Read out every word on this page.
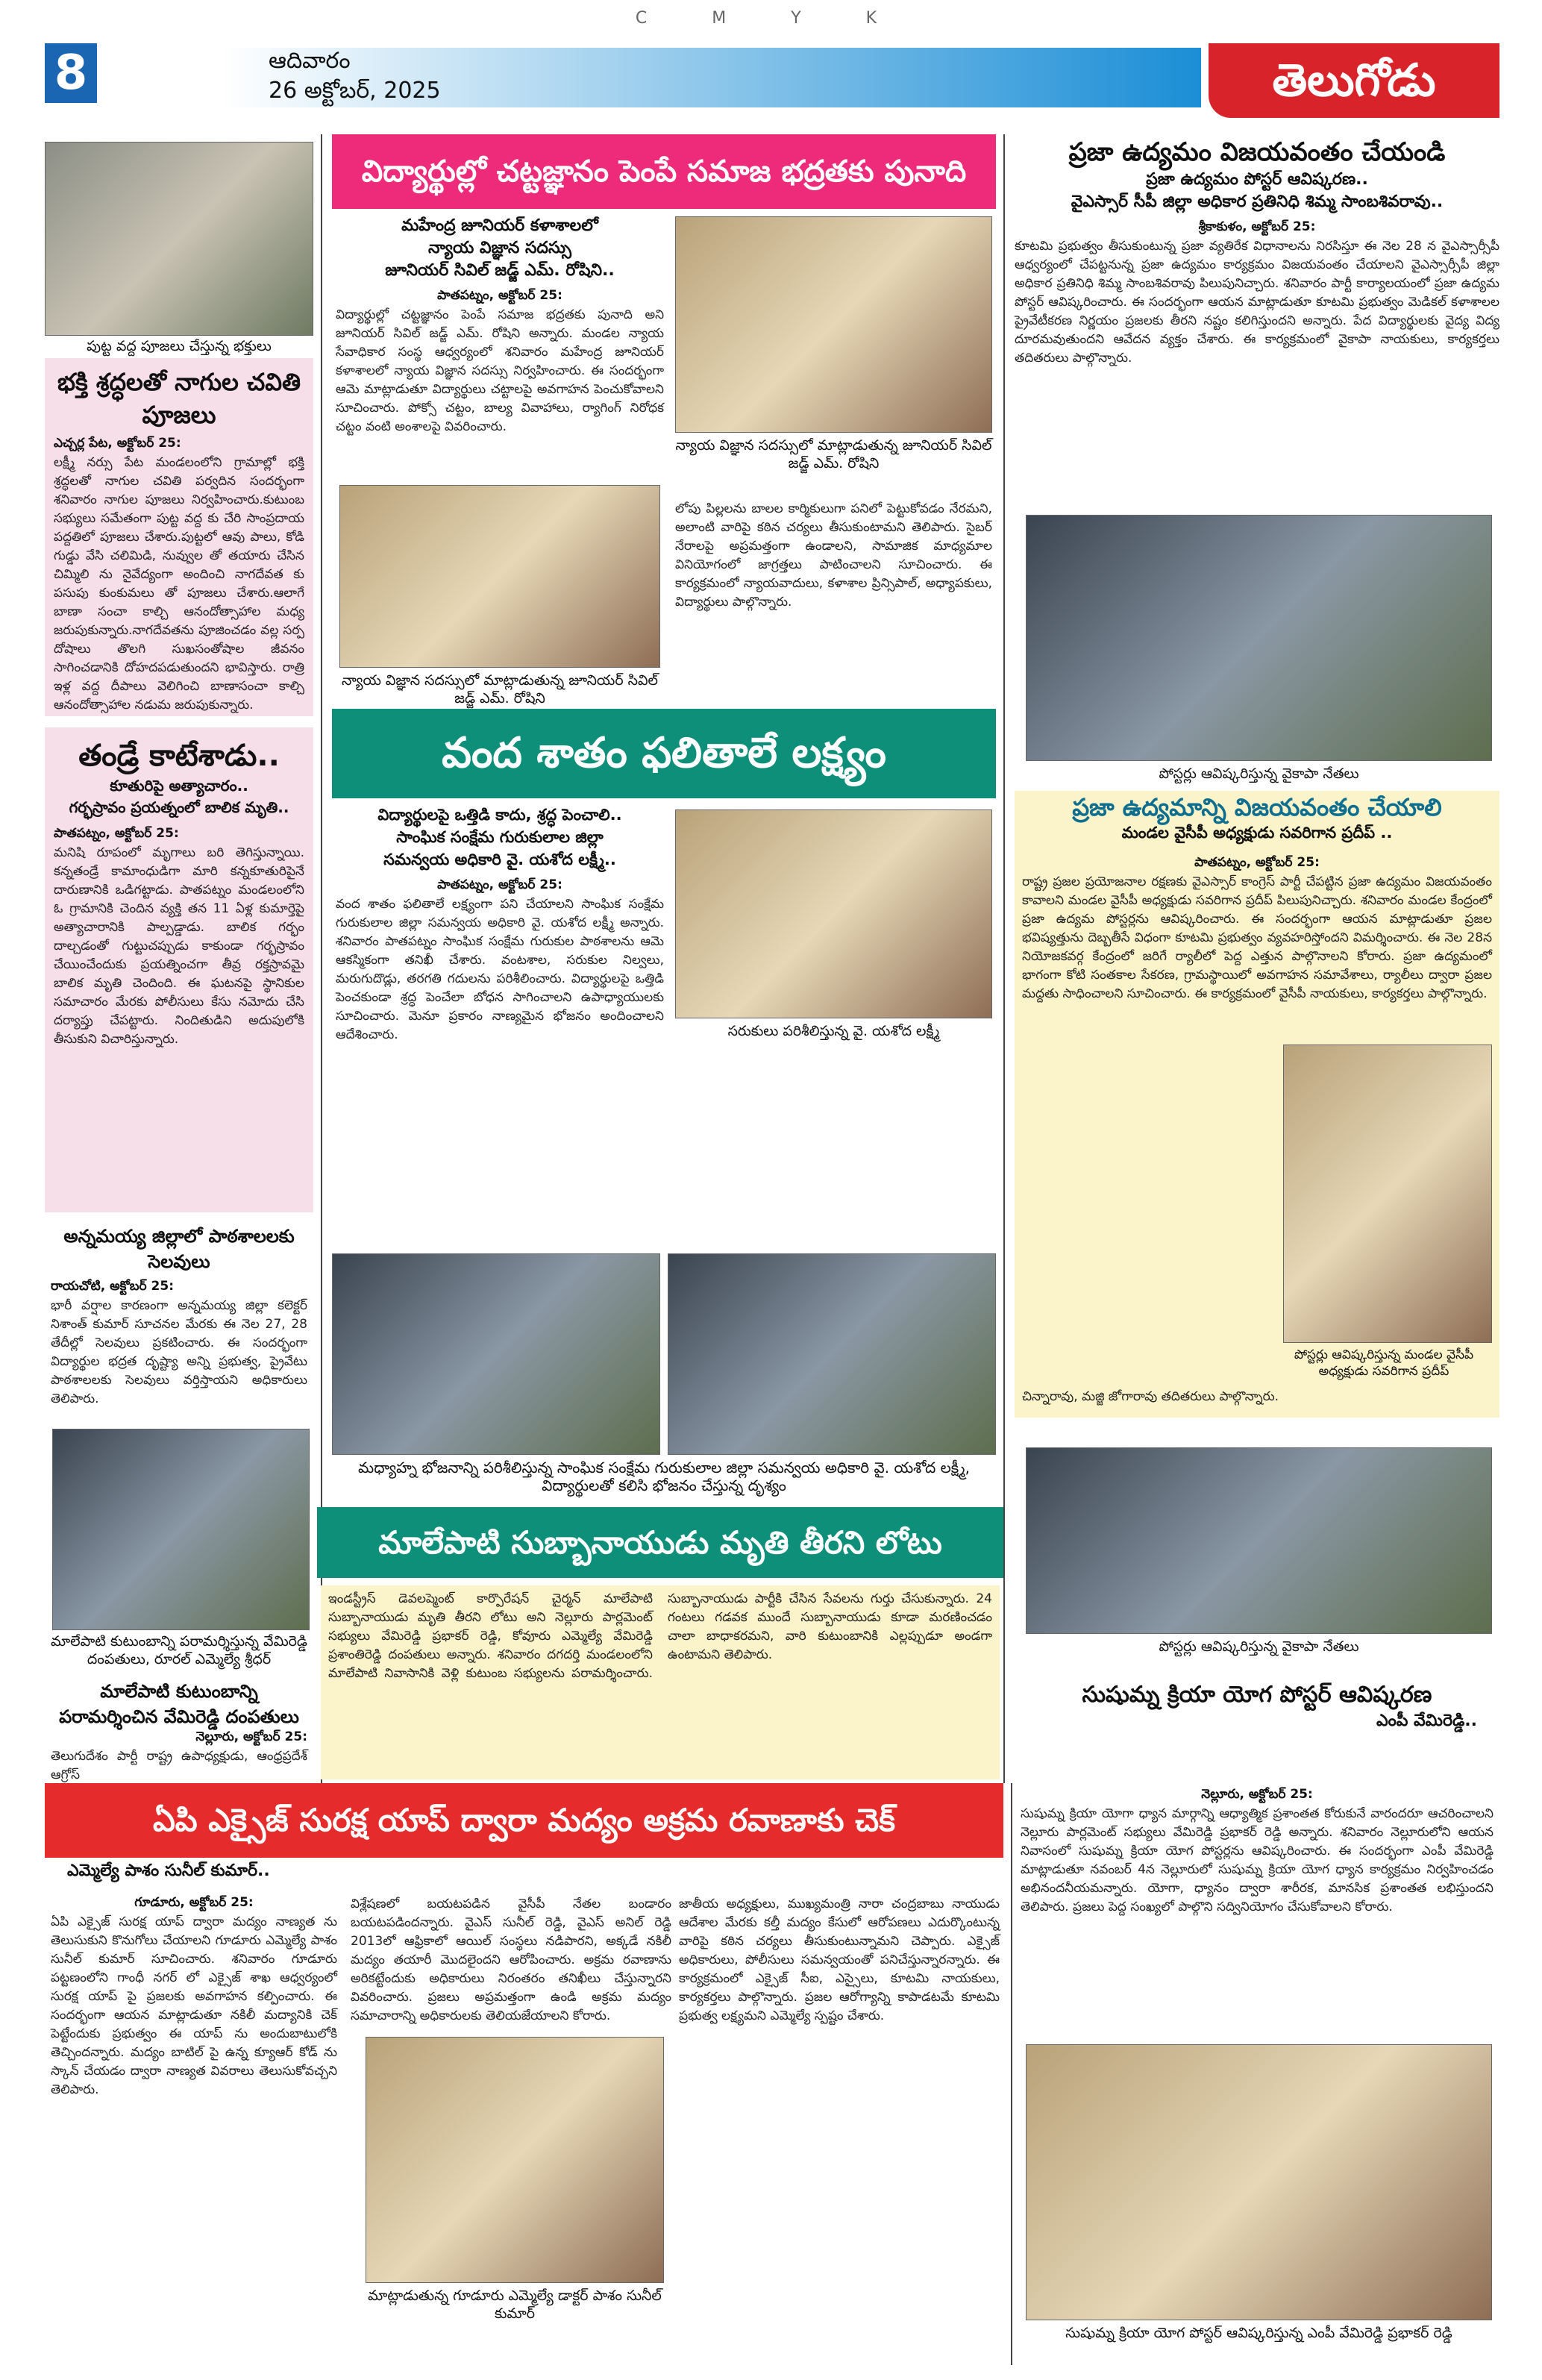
C M Y K
8	ఆదివారం
26 అక్టోబర్, 2025	తెలుగోడు
పుట్ట వద్ద పూజలు చేస్తున్న భక్తులు
భక్తి శ్రద్ధలతో నాగుల చవితి పూజలు
ఎచ్చర్ల పేట, అక్టోబర్ 25:
లక్ష్మీ నర్సు పేట మండలంలోని గ్రామాల్లో భక్తి శ్రద్ధలతో నాగుల చవితి పర్వదిన సందర్భంగా శనివారం నాగుల పూజలు నిర్వహించారు.కుటుంబ సభ్యులు సమేతంగా పుట్ట వద్ద కు చేరి సాంప్రదాయ పద్దతిలో పూజలు చేశారు.పుట్టలో ఆవు పాలు, కోడి గుడ్డు వేసి చలిమిడి, నువ్వుల తో తయారు చేసిన చిమ్మిలి ను నైవేద్యంగా అందించి నాగదేవత కు పసుపు కుంకుమలు తో పూజలు చేశారు.ఆలాగే బాణా సంచా కాల్చి ఆనందోత్సాహాల మధ్య జరుపుకున్నారు.నాగదేవతను పూజించడం వల్ల సర్ప దోషాలు తొలగి సుఖసంతోషాల జీవనం సాగించడానికి దోహదపడుతుందని భావిస్తారు. రాత్రి ఇళ్ల వద్ద దీపాలు వెలిగించి బాణాసంచా కాల్చి ఆనందోత్సాహాల నడుమ జరుపుకున్నారు.
తండ్రే కాటేశాడు..
కూతురిపై అత్యాచారం..
గర్భస్రావం ప్రయత్నంలో బాలిక మృతి..
పాతపట్నం, అక్టోబర్ 25:
మనిషి రూపంలో మృగాలు బరి తెగిస్తున్నాయి. కన్నతండ్రే కామాంధుడిగా మారి కన్నకూతురిపైనే దారుణానికి ఒడిగట్టాడు. పాతపట్నం మండలంలోని ఓ గ్రామానికి చెందిన వ్యక్తి తన 11 ఏళ్ల కుమార్తెపై అత్యాచారానికి పాల్పడ్డాడు. బాలిక గర్భం దాల్చడంతో గుట్టుచప్పుడు కాకుండా గర్భస్రావం చేయించేందుకు ప్రయత్నించగా తీవ్ర రక్తస్రావమై బాలిక మృతి చెందింది. ఈ ఘటనపై స్థానికుల సమాచారం మేరకు పోలీసులు కేసు నమోదు చేసి దర్యాప్తు చేపట్టారు. నిందితుడిని అదుపులోకి తీసుకుని విచారిస్తున్నారు.
అన్నమయ్య జిల్లాలో పాఠశాలలకు సెలవులు
రాయచోటి, అక్టోబర్ 25:
భారీ వర్షాల కారణంగా అన్నమయ్య జిల్లా కలెక్టర్ నిశాంత్ కుమార్ సూచనల మేరకు ఈ నెల 27, 28 తేదీల్లో సెలవులు ప్రకటించారు. ఈ సందర్భంగా విద్యార్థుల భద్రత దృష్ట్యా అన్ని ప్రభుత్వ, ప్రైవేటు పాఠశాలలకు సెలవులు వర్తిస్తాయని అధికారులు తెలిపారు.
మాలేపాటి కుటుంబాన్ని పరామర్శిస్తున్న వేమిరెడ్డి దంపతులు, రూరల్ ఎమ్మెల్యే శ్రీధర్
మాలేపాటి కుటుంబాన్ని పరామర్శించిన వేమిరెడ్డి దంపతులు
నెల్లూరు, అక్టోబర్ 25:
తెలుగుదేశం పార్టీ రాష్ట్ర ఉపాధ్యక్షుడు, ఆంధ్రప్రదేశ్ ఆగ్రోస్
విద్యార్థుల్లో చట్టజ్ఞానం పెంపే సమాజ భద్రతకు పునాది
మహేంద్ర జూనియర్ కళాశాలలో
న్యాయ విజ్ఞాన సదస్సు
జూనియర్ సివిల్ జడ్జ్ ఎమ్. రోషిని..
పాతపట్నం, అక్టోబర్ 25:
విద్యార్థుల్లో చట్టజ్ఞానం పెంపే సమాజ భద్రతకు పునాది అని జూనియర్ సివిల్ జడ్జ్ ఎమ్. రోషిని అన్నారు. మండల న్యాయ సేవాధికార సంస్థ ఆధ్వర్యంలో శనివారం మహేంద్ర జూనియర్ కళాశాలలో న్యాయ విజ్ఞాన సదస్సు నిర్వహించారు. ఈ సందర్భంగా ఆమె మాట్లాడుతూ విద్యార్థులు చట్టాలపై అవగాహన పెంచుకోవాలని సూచించారు. పోక్సో చట్టం, బాల్య వివాహాలు, ర్యాగింగ్ నిరోధక చట్టం వంటి అంశాలపై వివరించారు.
న్యాయ విజ్ఞాన సదస్సులో మాట్లాడుతున్న జూనియర్ సివిల్ జడ్జ్ ఎమ్. రోషిని
న్యాయ విజ్ఞాన సదస్సులో మాట్లాడుతున్న జూనియర్ సివిల్ జడ్జ్ ఎమ్. రోషిని
లోపు పిల్లలను బాలల కార్మికులుగా పనిలో పెట్టుకోవడం నేరమని, అలాంటి వారిపై కఠిన చర్యలు తీసుకుంటామని తెలిపారు. సైబర్ నేరాలపై అప్రమత్తంగా ఉండాలని, సామాజిక మాధ్యమాల వినియోగంలో జాగ్రత్తలు పాటించాలని సూచించారు. ఈ కార్యక్రమంలో న్యాయవాదులు, కళాశాల ప్రిన్సిపాల్, అధ్యాపకులు, విద్యార్థులు పాల్గొన్నారు.
వంద శాతం ఫలితాలే లక్ష్యం
విద్యార్థులపై ఒత్తిడి కాదు, శ్రద్ధ పెంచాలి..
సాంఘిక సంక్షేమ గురుకులాల జిల్లా
సమన్వయ అధికారి వై. యశోద లక్ష్మీ..
పాతపట్నం, అక్టోబర్ 25:
వంద శాతం ఫలితాలే లక్ష్యంగా పని చేయాలని సాంఘిక సంక్షేమ గురుకులాల జిల్లా సమన్వయ అధికారి వై. యశోద లక్ష్మీ అన్నారు. శనివారం పాతపట్నం సాంఘిక సంక్షేమ గురుకుల పాఠశాలను ఆమె ఆకస్మికంగా తనిఖీ చేశారు. వంటశాల, సరుకుల నిల్వలు, మరుగుదొడ్లు, తరగతి గదులను పరిశీలించారు. విద్యార్థులపై ఒత్తిడి పెంచకుండా శ్రద్ధ పెంచేలా బోధన సాగించాలని ఉపాధ్యాయులకు సూచించారు. మెనూ ప్రకారం నాణ్యమైన భోజనం అందించాలని ఆదేశించారు.	సరుకులు పరిశీలిస్తున్న వై. యశోద లక్ష్మీ
మధ్యాహ్న భోజనాన్ని పరిశీలిస్తున్న సాంఘిక సంక్షేమ గురుకులాల జిల్లా సమన్వయ అధికారి వై. యశోద లక్ష్మీ, విద్యార్థులతో కలిసి భోజనం చేస్తున్న దృశ్యం
మాలేపాటి సుబ్బానాయుడు మృతి తీరని లోటు
ఇండస్ట్రీస్ డెవలప్మెంట్ కార్పొరేషన్ చైర్మన్ మాలేపాటి సుబ్బానాయుడు మృతి తీరని లోటు అని నెల్లూరు పార్లమెంట్ సభ్యులు వేమిరెడ్డి ప్రభాకర్ రెడ్డి, కోవూరు ఎమ్మెల్యే వేమిరెడ్డి ప్రశాంతిరెడ్డి దంపతులు అన్నారు. శనివారం దగదర్తి మండలంలోని మాలేపాటి నివాసానికి వెళ్లి కుటుంబ సభ్యులను పరామర్శించారు. సుబ్బానాయుడు పార్టీకి చేసిన సేవలను గుర్తు చేసుకున్నారు. 24 గంటలు గడవక ముందే సుబ్బానాయుడు కూడా మరణించడం చాలా బాధాకరమని, వారి కుటుంబానికి ఎల్లప్పుడూ అండగా ఉంటామని తెలిపారు.
ప్రజా ఉద్యమం విజయవంతం చేయండి
ప్రజా ఉద్యమం పోస్టర్ ఆవిష్కరణ..
వైఎస్సార్ సీపీ జిల్లా అధికార ప్రతినిధి శిమ్మ సాంబశివరావు..
శ్రీకాకుళం, అక్టోబర్ 25:
కూటమి ప్రభుత్వం తీసుకుంటున్న ప్రజా వ్యతిరేక విధానాలను నిరసిస్తూ ఈ నెల 28 న వైఎస్సార్సీపీ ఆధ్వర్యంలో చేపట్టనున్న ప్రజా ఉద్యమం కార్యక్రమం విజయవంతం చేయాలని వైఎస్సార్సీపీ జిల్లా అధికార ప్రతినిధి శిమ్మ సాంబశివరావు పిలుపునిచ్చారు. శనివారం పార్టీ కార్యాలయంలో ప్రజా ఉద్యమ పోస్టర్ ఆవిష్కరించారు. ఈ సందర్భంగా ఆయన మాట్లాడుతూ కూటమి ప్రభుత్వం మెడికల్ కళాశాలల ప్రైవేటీకరణ నిర్ణయం ప్రజలకు తీరని నష్టం కలిగిస్తుందని అన్నారు. పేద విద్యార్థులకు వైద్య విద్య దూరమవుతుందని ఆవేదన వ్యక్తం చేశారు. ఈ కార్యక్రమంలో వైకాపా నాయకులు, కార్యకర్తలు తదితరులు పాల్గొన్నారు.
పోస్టర్లు ఆవిష్కరిస్తున్న వైకాపా నేతలు
ప్రజా ఉద్యమాన్ని విజయవంతం చేయాలి
మండల వైసీపీ అధ్యక్షుడు సవరిగాన ప్రదీప్ ..
పాతపట్నం, అక్టోబర్ 25:
రాష్ట్ర ప్రజల ప్రయోజనాల రక్షణకు వైఎస్సార్ కాంగ్రెస్ పార్టీ చేపట్టిన ప్రజా ఉద్యమం విజయవంతం కావాలని మండల వైసీపీ అధ్యక్షుడు సవరిగాన ప్రదీప్ పిలుపునిచ్చారు. శనివారం మండల కేంద్రంలో ప్రజా ఉద్యమ పోస్టర్లను ఆవిష్కరించారు. ఈ సందర్భంగా ఆయన మాట్లాడుతూ ప్రజల భవిష్యత్తును దెబ్బతీసే విధంగా కూటమి ప్రభుత్వం వ్యవహరిస్తోందని విమర్శించారు. ఈ నెల 28న నియోజకవర్గ కేంద్రంలో జరిగే ర్యాలీలో పెద్ద ఎత్తున పాల్గొనాలని కోరారు. ప్రజా ఉద్యమంలో భాగంగా కోటి సంతకాల సేకరణ, గ్రామస్థాయిలో అవగాహన సమావేశాలు, ర్యాలీలు ద్వారా ప్రజల మద్దతు సాధించాలని సూచించారు. ఈ కార్యక్రమంలో వైసీపీ నాయకులు, కార్యకర్తలు పాల్గొన్నారు.
పోస్టర్లు ఆవిష్కరిస్తున్న మండల వైసీపీ అధ్యక్షుడు సవరిగాన ప్రదీప్
చిన్నారావు, మజ్జి జోగారావు తదితరులు పాల్గొన్నారు.
పోస్టర్లు ఆవిష్కరిస్తున్న వైకాపా నేతలు
సుషుమ్న క్రియా యోగ పోస్టర్ ఆవిష్కరణ
ఎంపీ వేమిరెడ్డి..
ఏపి ఎక్సైజ్ సురక్ష యాప్ ద్వారా మద్యం అక్రమ రవాణాకు చెక్
ఎమ్మెల్యే పాశం సునీల్ కుమార్..
గూడూరు, అక్టోబర్ 25:
ఏపి ఎక్సైజ్ సురక్ష యాప్ ద్వారా మద్యం నాణ్యత ను తెలుసుకుని కొనుగోలు చేయాలని గూడూరు ఎమ్మెల్యే పాశం సునీల్ కుమార్ సూచించారు. శనివారం గూడూరు పట్టణంలోని గాంధీ నగర్ లో ఎక్సైజ్ శాఖ ఆధ్వర్యంలో సురక్ష యాప్ పై ప్రజలకు అవగాహన కల్పించారు. ఈ సందర్భంగా ఆయన మాట్లాడుతూ నకిలీ మద్యానికి చెక్ పెట్టేందుకు ప్రభుత్వం ఈ యాప్ ను అందుబాటులోకి తెచ్చిందన్నారు. మద్యం బాటిల్ పై ఉన్న క్యూఆర్ కోడ్ ను స్కాన్ చేయడం ద్వారా నాణ్యత వివరాలు తెలుసుకోవచ్చని తెలిపారు.
విశ్లేషణలో బయటపడిన వైసీపీ నేతల బండారం బయటపడిందన్నారు. వైఎస్ సునీల్ రెడ్డి, వైఎస్ అనిల్ రెడ్డి 2013లో ఆఫ్రికాలో ఆయిల్ సంస్థలు నడిపారని, అక్కడే నకిలీ మద్యం తయారీ మొదలైందని ఆరోపించారు. అక్రమ రవాణాను అరికట్టేందుకు అధికారులు నిరంతరం తనిఖీలు చేస్తున్నారని వివరించారు. ప్రజలు అప్రమత్తంగా ఉండి అక్రమ మద్యం సమాచారాన్ని అధికారులకు తెలియజేయాలని కోరారు.
మాట్లాడుతున్న గూడూరు ఎమ్మెల్యే డాక్టర్ పాశం సునీల్ కుమార్
జాతీయ అధ్యక్షులు, ముఖ్యమంత్రి నారా చంద్రబాబు నాయుడు ఆదేశాల మేరకు కల్తీ మద్యం కేసులో ఆరోపణలు ఎదుర్కొంటున్న వారిపై కఠిన చర్యలు తీసుకుంటున్నామని చెప్పారు. ఎక్సైజ్ అధికారులు, పోలీసులు సమన్వయంతో పనిచేస్తున్నారన్నారు. ఈ కార్యక్రమంలో ఎక్సైజ్ సీఐ, ఎస్సైలు, కూటమి నాయకులు, కార్యకర్తలు పాల్గొన్నారు. ప్రజల ఆరోగ్యాన్ని కాపాడటమే కూటమి ప్రభుత్వ లక్ష్యమని ఎమ్మెల్యే స్పష్టం చేశారు.
నెల్లూరు, అక్టోబర్ 25:
సుషుమ్న క్రియా యోగా ధ్యాన మార్గాన్ని ఆధ్యాత్మిక ప్రశాంతత కోరుకునే వారందరూ ఆచరించాలని నెల్లూరు పార్లమెంట్ సభ్యులు వేమిరెడ్డి ప్రభాకర్ రెడ్డి అన్నారు. శనివారం నెల్లూరులోని ఆయన నివాసంలో సుషుమ్న క్రియా యోగ పోస్టర్లను ఆవిష్కరించారు. ఈ సందర్భంగా ఎంపీ వేమిరెడ్డి మాట్లాడుతూ నవంబర్ 4న నెల్లూరులో సుషుమ్న క్రియా యోగ ధ్యాన కార్యక్రమం నిర్వహించడం అభినందనీయమన్నారు. యోగా, ధ్యానం ద్వారా శారీరక, మానసిక ప్రశాంతత లభిస్తుందని తెలిపారు. ప్రజలు పెద్ద సంఖ్యలో పాల్గొని సద్వినియోగం చేసుకోవాలని కోరారు.
సుషుమ్న క్రియా యోగ పోస్టర్ ఆవిష్కరిస్తున్న ఎంపీ వేమిరెడ్డి ప్రభాకర్ రెడ్డి
